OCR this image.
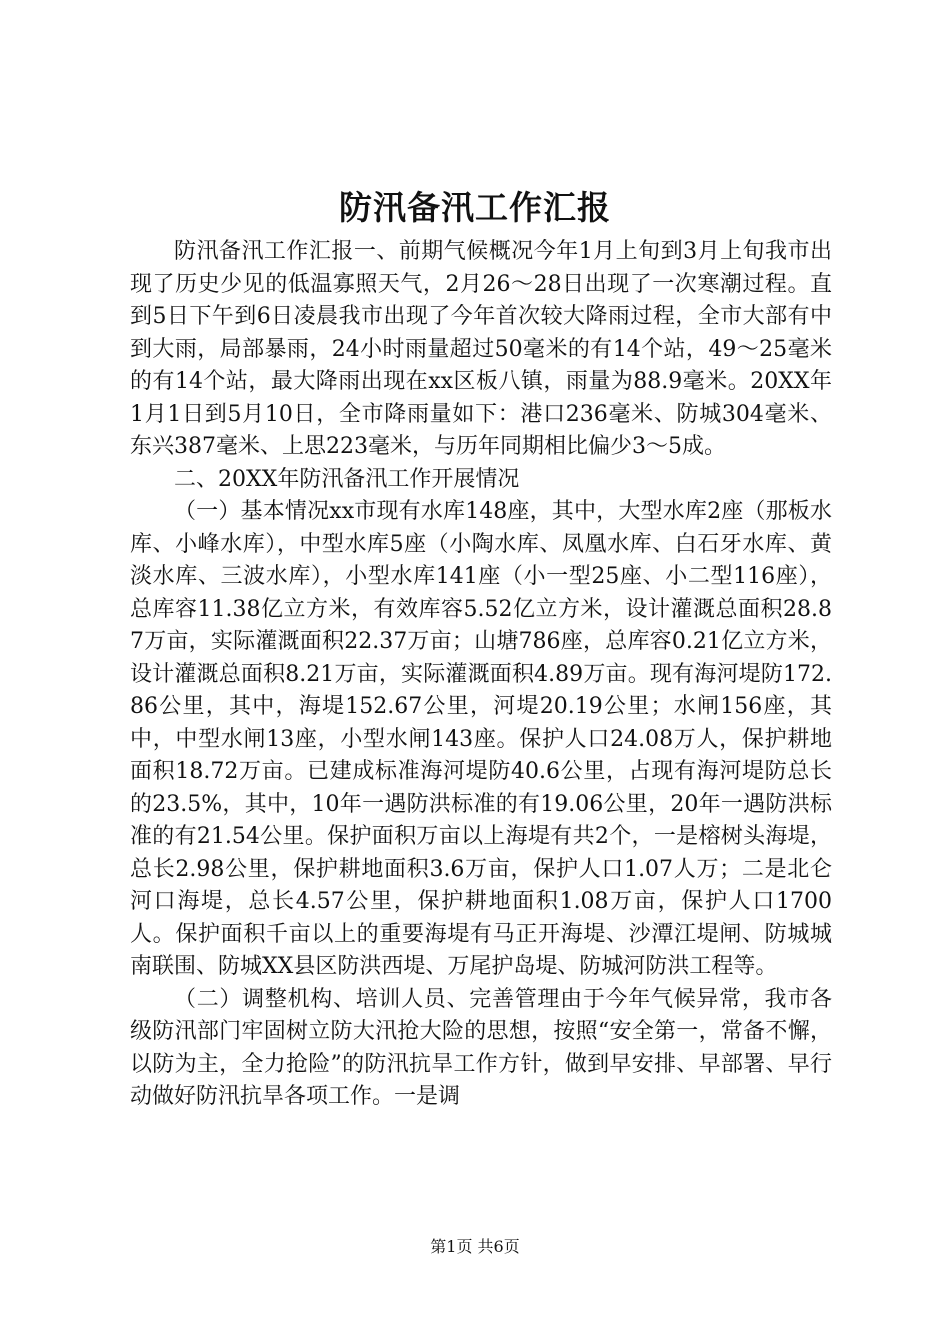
防汛备汛工作汇报

防汛备汛工作汇报一、前期气候概况今年1月上旬到3月上旬我市出现了历史少见的低温寡照天气，2月26～28日出现了一次寒潮过程。直到5日下午到6日凌晨我市出现了今年首次较大降雨过程，全市大部有中到大雨，局部暴雨，24小时雨量超过50毫米的有14个站，49～25毫米的有14个站，最大降雨出现在xx区板八镇，雨量为88.9毫米。20XX年1月1日到5月10日，全市降雨量如下：港口236毫米、防城304毫米、东兴387毫米、上思223毫米，与历年同期相比偏少3～5成。

二、20XX年防汛备汛工作开展情况

（一）基本情况xx市现有水库148座，其中，大型水库2座（那板水库、小峰水库），中型水库5座（小陶水库、凤凰水库、白石牙水库、黄淡水库、三波水库），小型水库141座（小一型25座、小二型116座），总库容11.38亿立方米，有效库容5.52亿立方米，设计灌溉总面积28.87万亩，实际灌溉面积22.37万亩；山塘786座，总库容0.21亿立方米，设计灌溉总面积8.21万亩，实际灌溉面积4.89万亩。现有海河堤防172.86公里，其中，海堤152.67公里，河堤20.19公里；水闸156座，其中，中型水闸13座，小型水闸143座。保护人口24.08万人，保护耕地面积18.72万亩。已建成标准海河堤防40.6公里，占现有海河堤防总长的23.5%，其中，10年一遇防洪标准的有19.06公里，20年一遇防洪标准的有21.54公里。保护面积万亩以上海堤有共2个，一是榕树头海堤，总长2.98公里，保护耕地面积3.6万亩，保护人口1.07人万；二是北仑河口海堤，总长4.57公里，保护耕地面积1.08万亩，保护人口1700人。保护面积千亩以上的重要海堤有马正开海堤、沙潭江堤闸、防城城南联围、防城XX县区防洪西堤、万尾护岛堤、防城河防洪工程等。

（二）调整机构、培训人员、完善管理由于今年气候异常，我市各级防汛部门牢固树立防大汛抢大险的思想，按照“安全第一，常备不懈，以防为主，全力抢险”的防汛抗旱工作方针，做到早安排、早部署、早行动做好防汛抗旱各项工作。一是调

第1页 共6页
